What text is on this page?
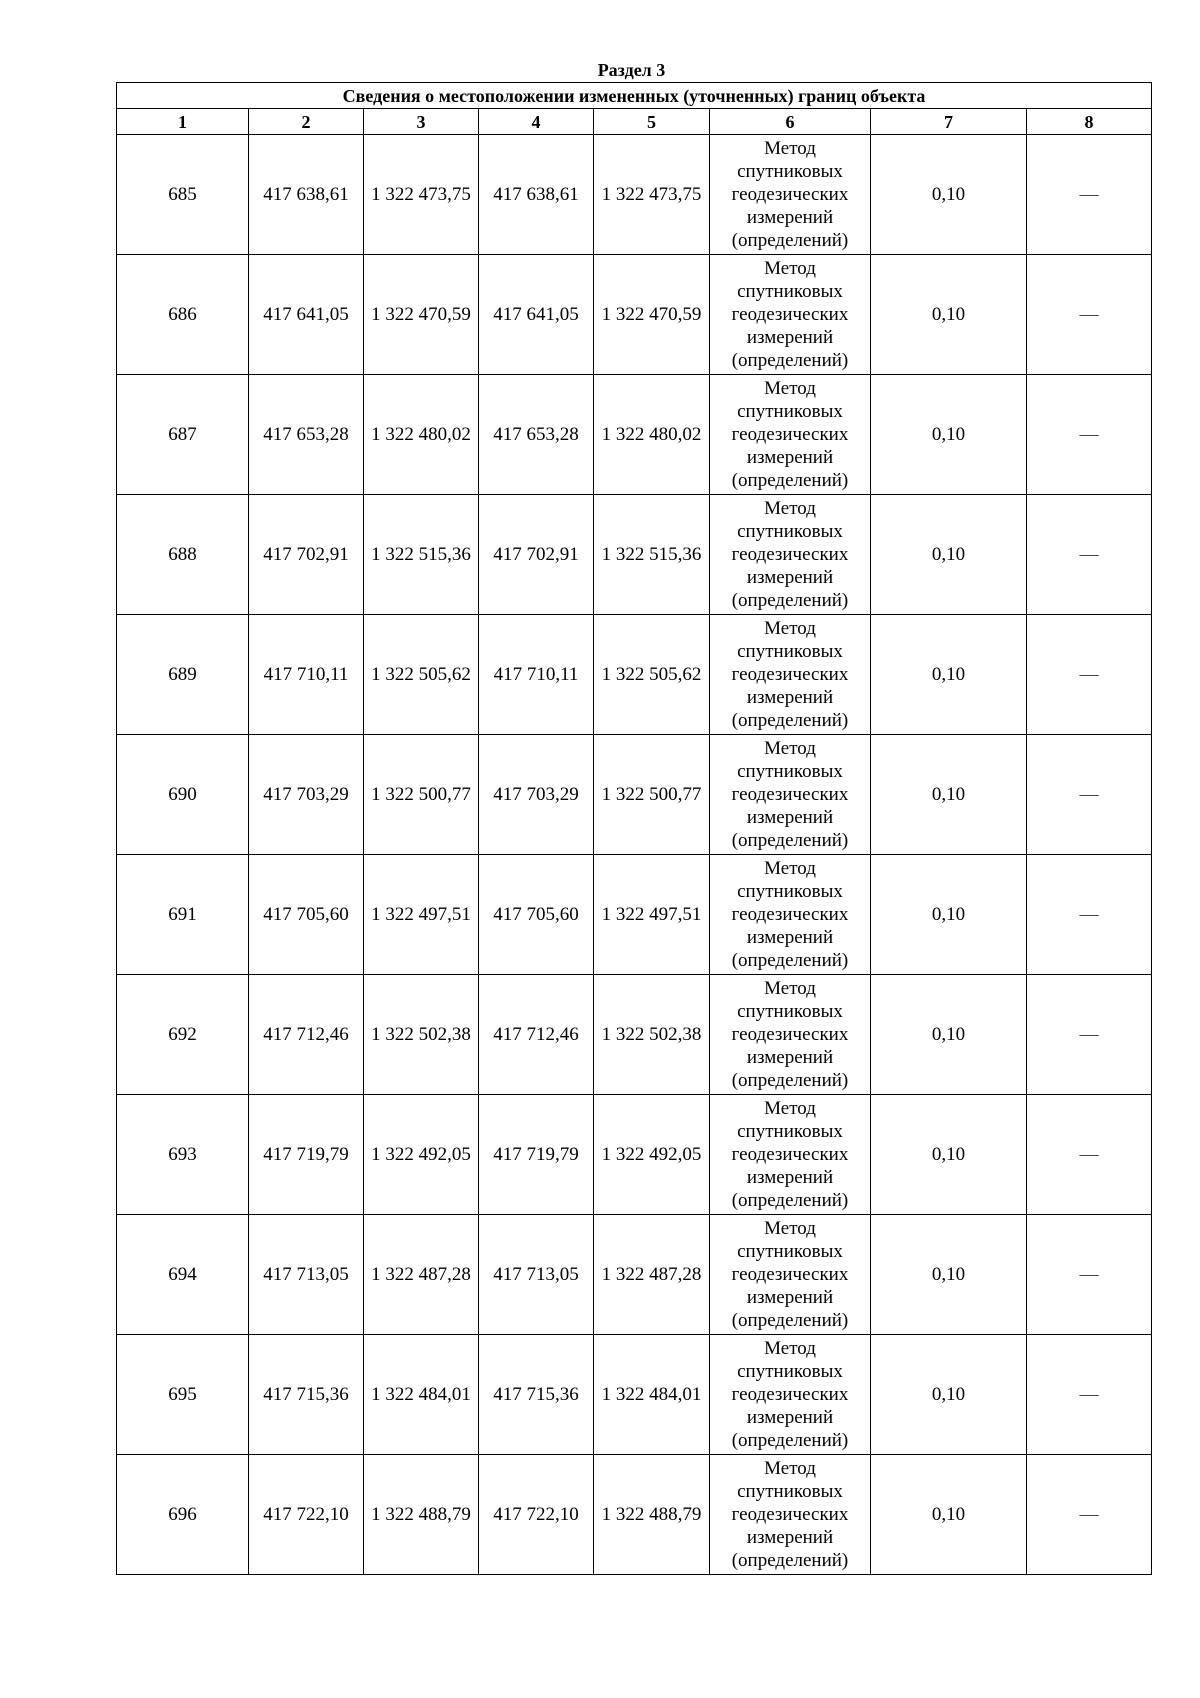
Раздел 3
Сведения о местоположении измененных (уточненных) границ объекта							
1	2	3	4	5	6	7	8
685	417 638,61	1 322 473,75	417 638,61	1 322 473,75	Метод
спутниковых
геодезических
измерений
(определений)	0,10	—
686	417 641,05	1 322 470,59	417 641,05	1 322 470,59	Метод
спутниковых
геодезических
измерений
(определений)	0,10	—
687	417 653,28	1 322 480,02	417 653,28	1 322 480,02	Метод
спутниковых
геодезических
измерений
(определений)	0,10	—
688	417 702,91	1 322 515,36	417 702,91	1 322 515,36	Метод
спутниковых
геодезических
измерений
(определений)	0,10	—
689	417 710,11	1 322 505,62	417 710,11	1 322 505,62	Метод
спутниковых
геодезических
измерений
(определений)	0,10	—
690	417 703,29	1 322 500,77	417 703,29	1 322 500,77	Метод
спутниковых
геодезических
измерений
(определений)	0,10	—
691	417 705,60	1 322 497,51	417 705,60	1 322 497,51	Метод
спутниковых
геодезических
измерений
(определений)	0,10	—
692	417 712,46	1 322 502,38	417 712,46	1 322 502,38	Метод
спутниковых
геодезических
измерений
(определений)	0,10	—
693	417 719,79	1 322 492,05	417 719,79	1 322 492,05	Метод
спутниковых
геодезических
измерений
(определений)	0,10	—
694	417 713,05	1 322 487,28	417 713,05	1 322 487,28	Метод
спутниковых
геодезических
измерений
(определений)	0,10	—
695	417 715,36	1 322 484,01	417 715,36	1 322 484,01	Метод
спутниковых
геодезических
измерений
(определений)	0,10	—
696	417 722,10	1 322 488,79	417 722,10	1 322 488,79	Метод
спутниковых
геодезических
измерений
(определений)	0,10	—
